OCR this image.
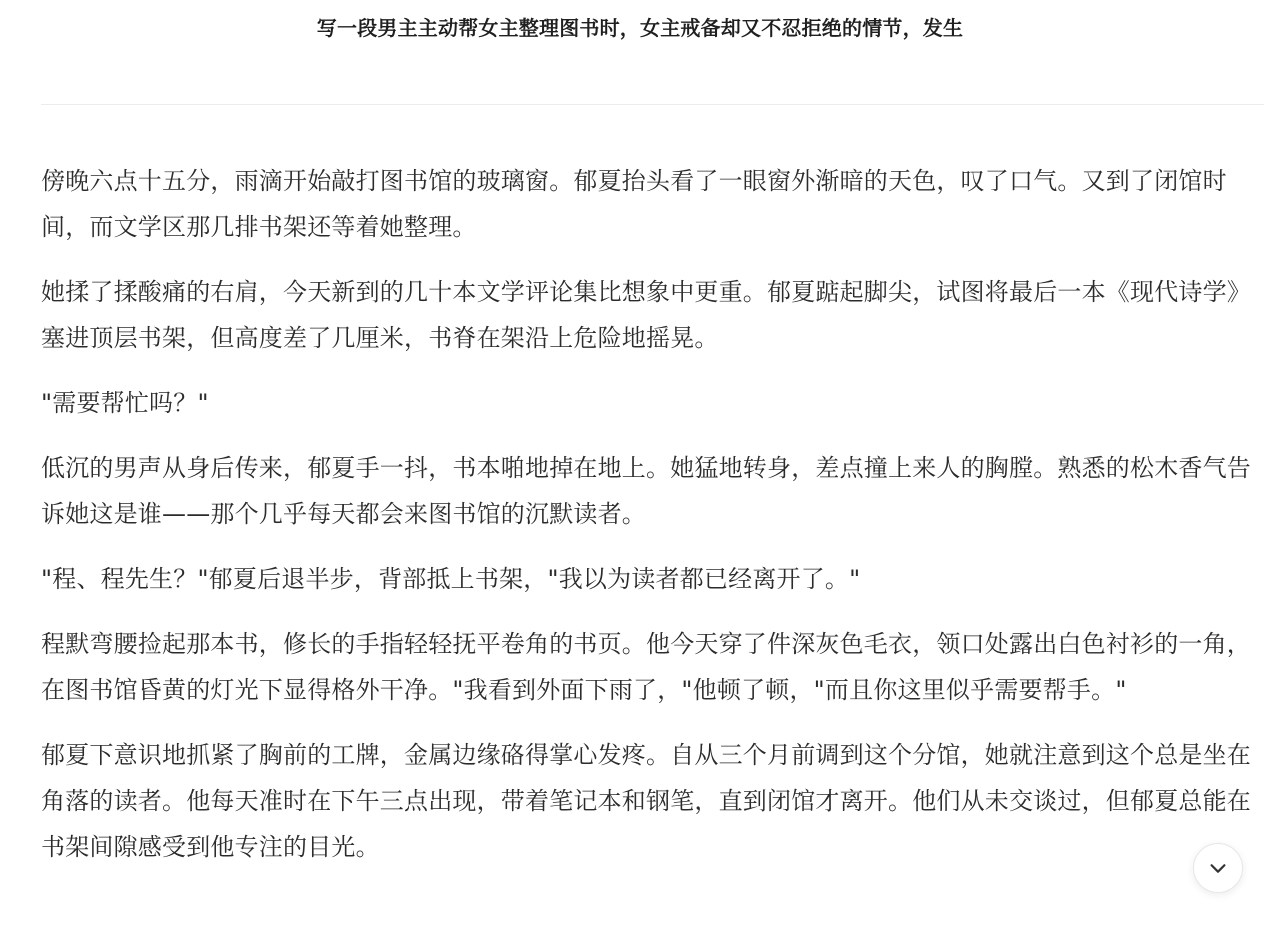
写一段男主主动帮女主整理图书时，女主戒备却又不忍拒绝的情节，发生

傍晚六点十五分，雨滴开始敲打图书馆的玻璃窗。郁夏抬头看了一眼窗外渐暗的天色，叹了口气。又到了闭馆时间，而文学区那几排书架还等着她整理。

她揉了揉酸痛的右肩，今天新到的几十本文学评论集比想象中更重。郁夏踮起脚尖，试图将最后一本《现代诗学》塞进顶层书架，但高度差了几厘米，书脊在架沿上危险地摇晃。

"需要帮忙吗？"

低沉的男声从身后传来，郁夏手一抖，书本啪地掉在地上。她猛地转身，差点撞上来人的胸膛。熟悉的松木香气告诉她这是谁——那个几乎每天都会来图书馆的沉默读者。

"程、程先生？"郁夏后退半步，背部抵上书架，"我以为读者都已经离开了。"

程默弯腰捡起那本书，修长的手指轻轻抚平卷角的书页。他今天穿了件深灰色毛衣，领口处露出白色衬衫的一角，在图书馆昏黄的灯光下显得格外干净。"我看到外面下雨了，"他顿了顿，"而且你这里似乎需要帮手。"

郁夏下意识地抓紧了胸前的工牌，金属边缘硌得掌心发疼。自从三个月前调到这个分馆，她就注意到这个总是坐在角落的读者。他每天准时在下午三点出现，带着笔记本和钢笔，直到闭馆才离开。他们从未交谈过，但郁夏总能在书架间隙感受到他专注的目光。
